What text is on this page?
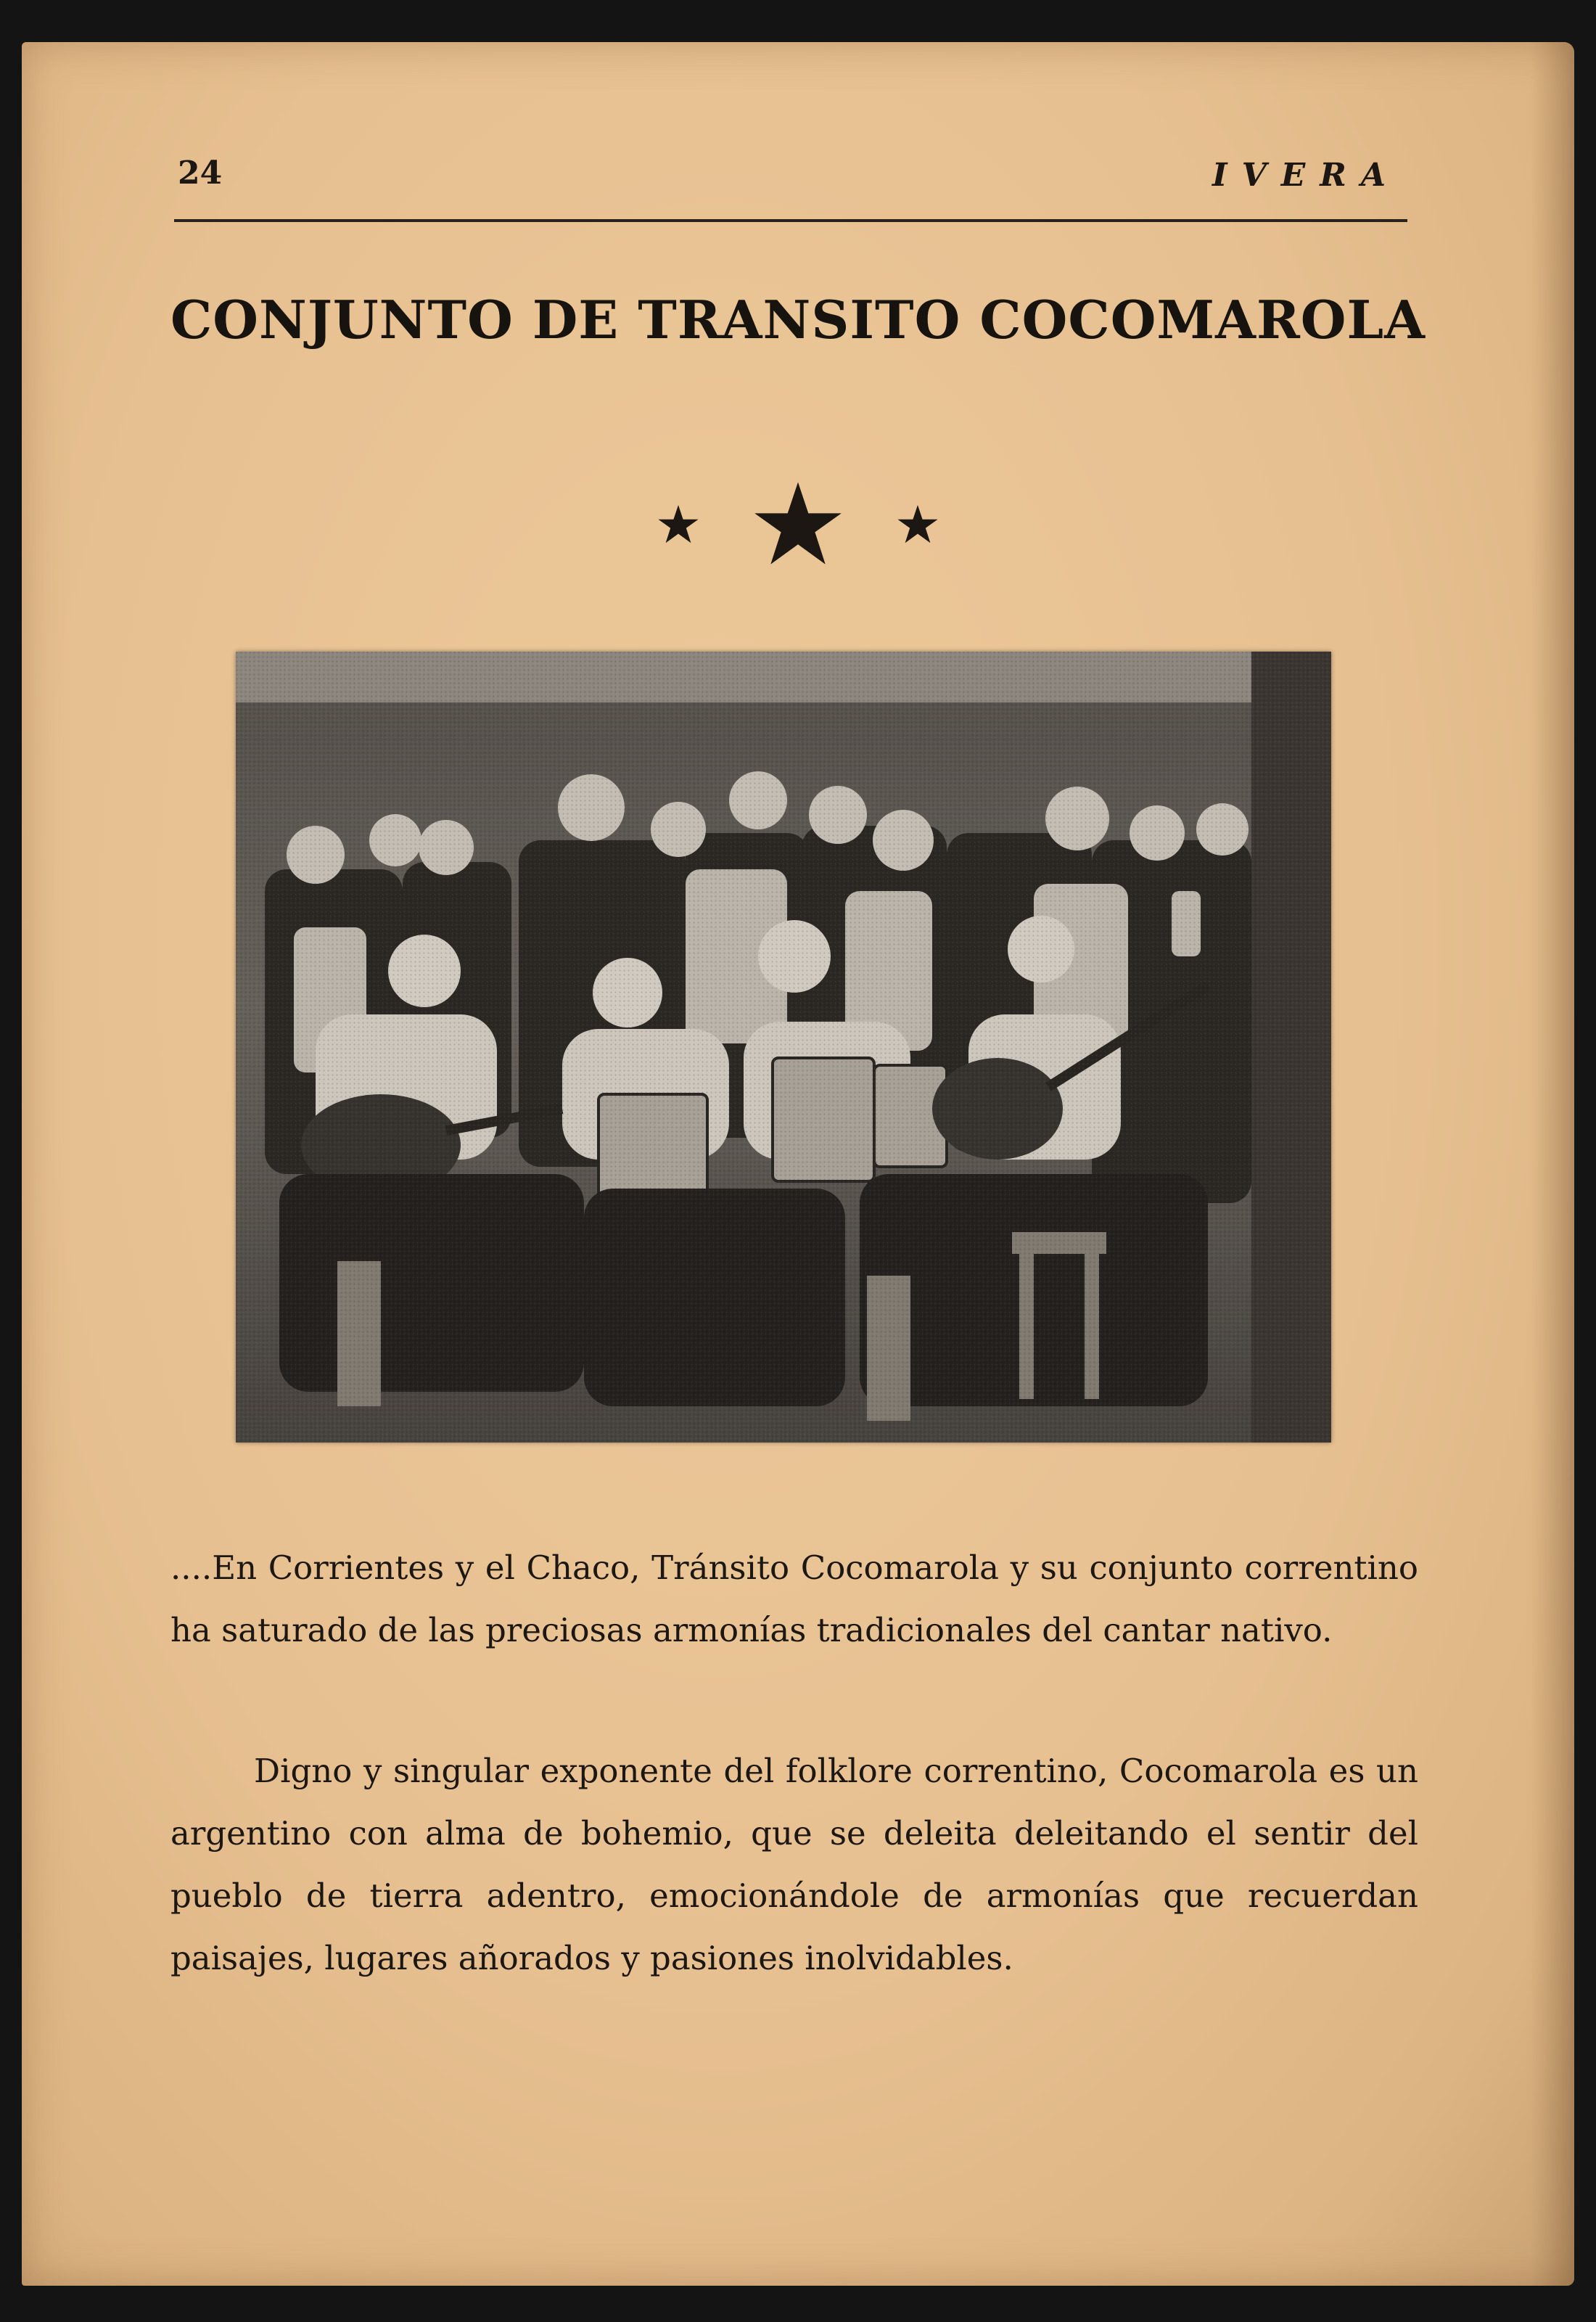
24	IVERA
CONJUNTO DE TRANSITO COCOMAROLA

....En Corrientes y el Chaco, Tránsito Cocomarola y su conjunto correntino ha saturado de las preciosas armonías tradicionales del cantar nativo.

Digno y singular exponente del folklore correntino, Cocomarola es un argentino con alma de bohemio, que se deleita deleitando el sentir del pueblo de tierra adentro, emocionándole de armonías que recuerdan paisajes, lugares añorados y pasiones inolvidables.
